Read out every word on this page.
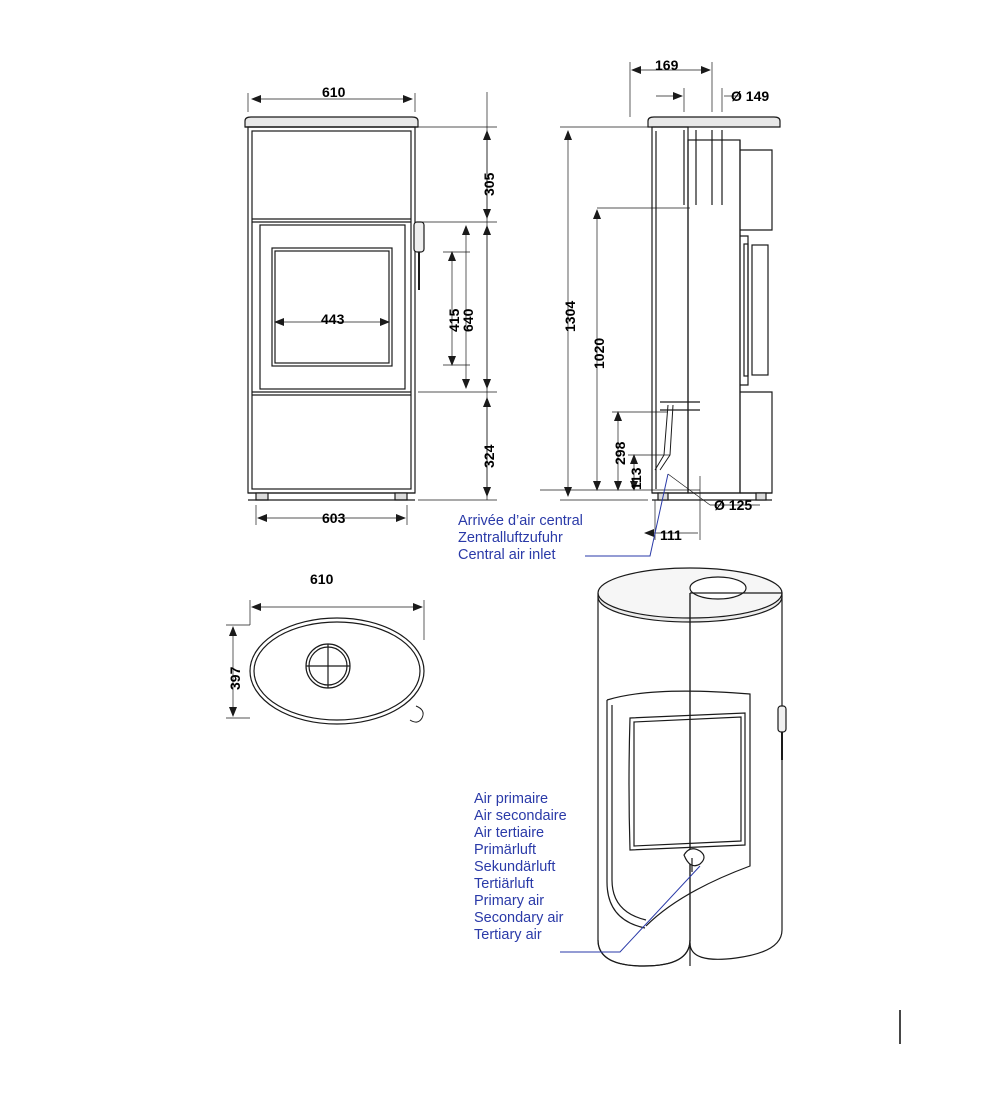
610
603
443
305
640
415
324
169
Ø 149
1304
1020
298
113
111
Ø 125
610
397
Arrivée d’air central
Zentralluftzufuhr
Central air inlet
Air primaire
Air secondaire
Air tertiaire
Primärluft
Sekundärluft
Tertiärluft
Primary air
Secondary air
Tertiary air
